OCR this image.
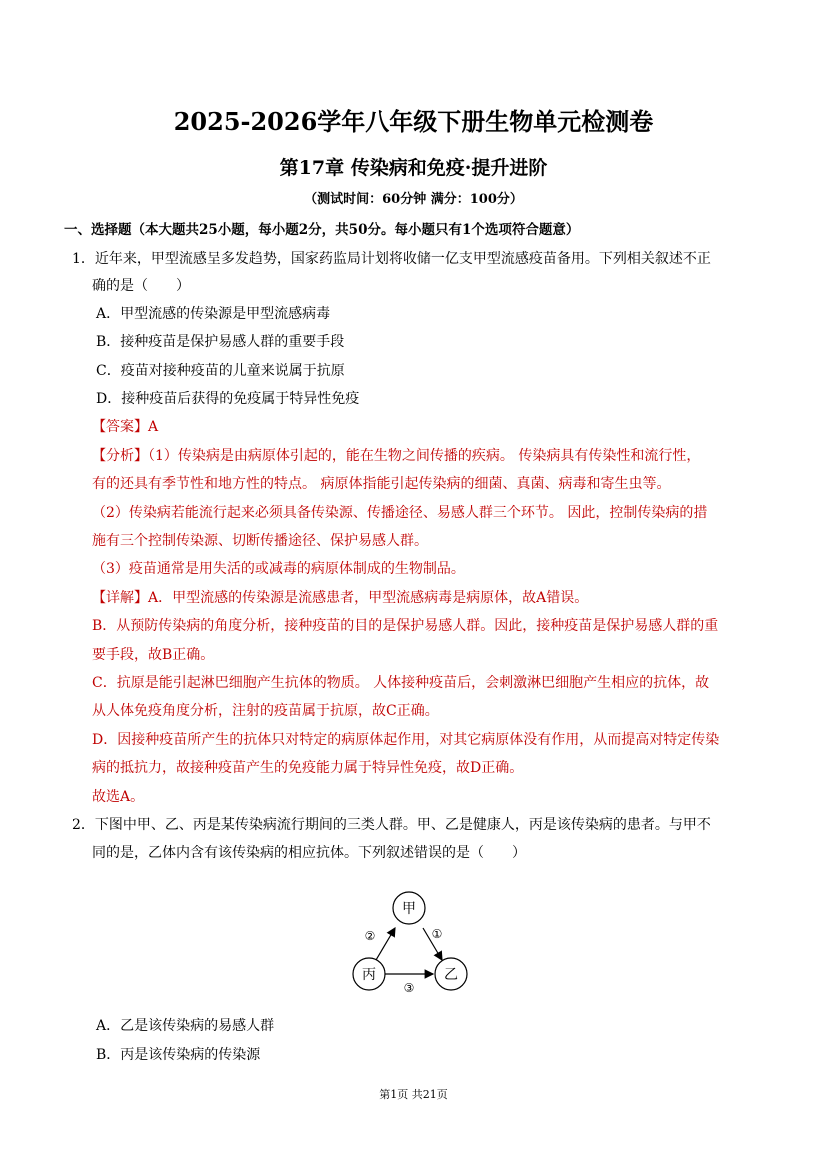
2025-2026学年八年级下册生物单元检测卷
第17章 传染病和免疫·提升进阶
（测试时间：60分钟 满分：100分）
一、选择题（本大题共25小题，每小题2分，共50分。每小题只有1个选项符合题意）
1．近年来，甲型流感呈多发趋势，国家药监局计划将收储一亿支甲型流感疫苗备用。下列相关叙述不正
确的是（　　）
A．甲型流感的传染源是甲型流感病毒
B．接种疫苗是保护易感人群的重要手段
C．疫苗对接种疫苗的儿童来说属于抗原
D．接种疫苗后获得的免疫属于特异性免疫
【答案】A
【分析】（1）传染病是由病原体引起的，能在生物之间传播的疾病。 传染病具有传染性和流行性，
有的还具有季节性和地方性的特点。 病原体指能引起传染病的细菌、真菌、病毒和寄生虫等。
（2）传染病若能流行起来必须具备传染源、传播途径、易感人群三个环节。 因此，控制传染病的措
施有三个控制传染源、切断传播途径、保护易感人群。
（3）疫苗通常是用失活的或减毒的病原体制成的生物制品。
【详解】A．甲型流感的传染源是流感患者，甲型流感病毒是病原体，故A错误。
B．从预防传染病的角度分析，接种疫苗的目的是保护易感人群。因此，接种疫苗是保护易感人群的重
要手段，故B正确。
C．抗原是能引起淋巴细胞产生抗体的物质。 人体接种疫苗后，会刺激淋巴细胞产生相应的抗体，故
从人体免疫角度分析，注射的疫苗属于抗原，故C正确。
D．因接种疫苗所产生的抗体只对特定的病原体起作用，对其它病原体没有作用，从而提高对特定传染
病的抵抗力，故接种疫苗产生的免疫能力属于特异性免疫，故D正确。
故选A。
2．下图中甲、乙、丙是某传染病流行期间的三类人群。甲、乙是健康人，丙是该传染病的患者。与甲不
同的是，乙体内含有该传染病的相应抗体。下列叙述错误的是（　　）
甲
丙	乙
①
②
③
A．乙是该传染病的易感人群
B．丙是该传染病的传染源
第1页 共21页
